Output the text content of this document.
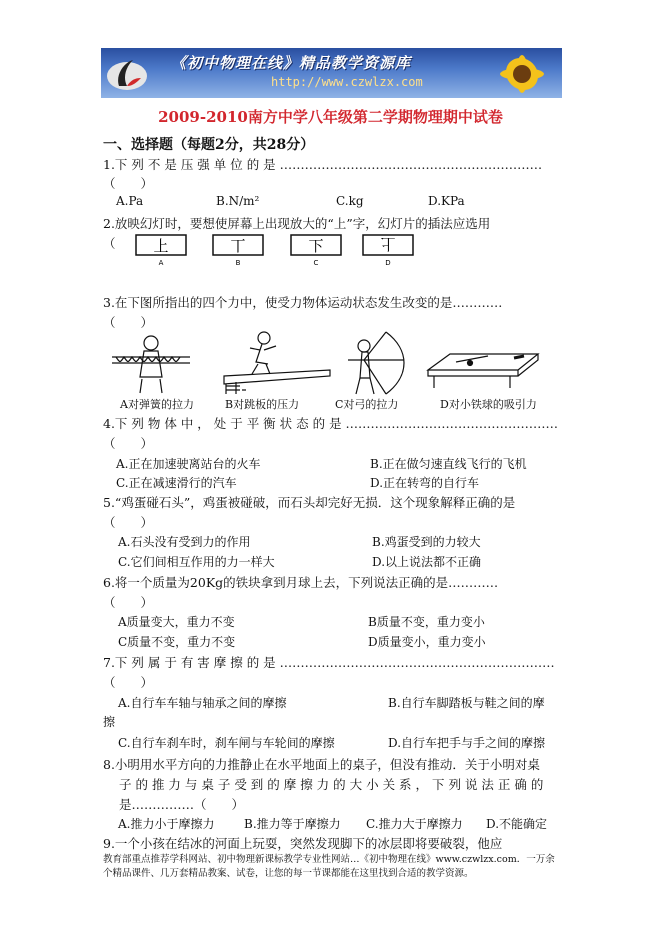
《初中物理在线》精品教学资源库
http://www.czwlzx.com
2009-2010南方中学八年级第二学期物理期中试卷
一、选择题（每题2分，共28分）
1.下 列 不 是 压 强 单 位 的 是 ………………………………………………………
（　　）
A.Pa	B.N/m²	C.kg	D.KPa
2.放映幻灯时，要想使屏幕上出现放大的“上”字，幻灯片的插法应选用
（	上
A
丅
B
下
C
上
D
3.在下图所指出的四个力中，使受力物体运动状态发生改变的是…………
（　　）
A对弹簧的拉力	B对跳板的压力	C对弓的拉力	D对小铁球的吸引力
4.下 列 物 体 中 ， 处 于 平 衡 状 态 的 是 ……………………………………………
（　　）
A.正在加速驶离站台的火车	B.正在做匀速直线飞行的飞机
C.正在减速滑行的汽车	D.正在转弯的自行车
5.“鸡蛋碰石头”，鸡蛋被碰破，而石头却完好无损．这个现象解释正确的是
（　　）
A.石头没有受到力的作用	B.鸡蛋受到的力较大
C.它们间相互作用的力一样大	D.以上说法都不正确
6.将一个质量为20Kg的铁块拿到月球上去，下列说法正确的是…………
（　　）
A质量变大，重力不变	B质量不变，重力变小
C质量不变，重力不变	D质量变小，重力变小
7.下 列 属 于 有 害 摩 擦 的 是 …………………………………………………………
（　　）
A.自行车车轴与轴承之间的摩擦	B.自行车脚踏板与鞋之间的摩
擦
C.自行车刹车时，刹车闸与车轮间的摩擦	D.自行车把手与手之间的摩擦
8.小明用水平方向的力推静止在水平地面上的桌子，但没有推动．关于小明对桌
子 的 推 力 与 桌 子 受 到 的 摩 擦 力 的 大 小 关 系 ， 下 列 说 法 正 确 的
是……………（　　）
A.推力小于摩擦力 B.推力等于摩擦力 C.推力大于摩擦力 D.不能确定
9.一个小孩在结冰的河面上玩耍，突然发现脚下的冰层即将要破裂，他应
教育部重点推荐学科网站、初中物理新课标教学专业性网站…《初中物理在线》www.czwlzx.com．一万余
个精品课件、几万套精品教案、试卷，让您的每一节课都能在这里找到合适的教学资源。
